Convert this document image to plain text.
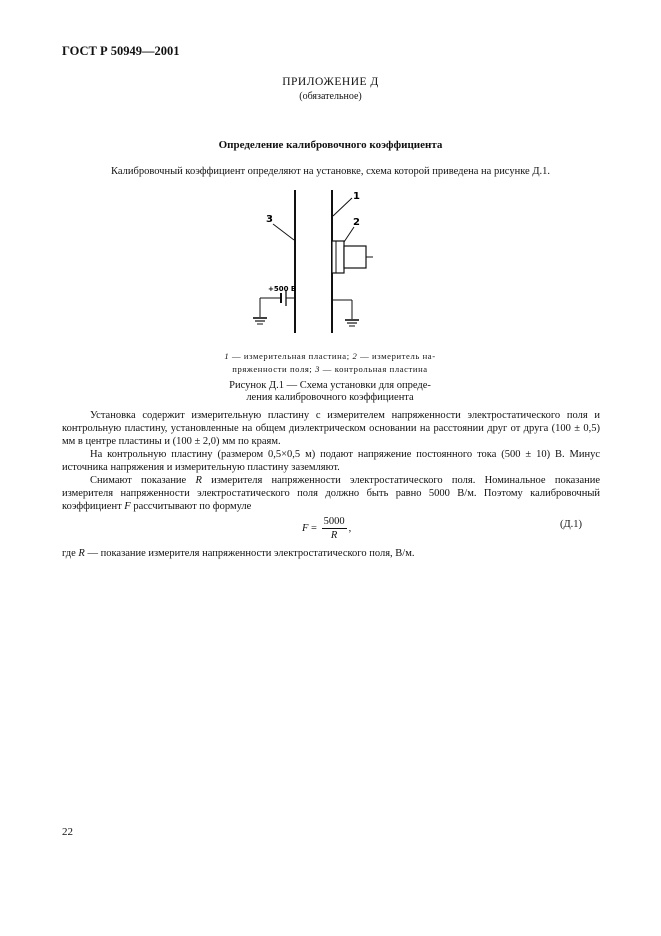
ГОСТ Р 50949—2001
ПРИЛОЖЕНИЕ Д
(обязательное)
Определение калибровочного коэффициента
Калибровочный коэффициент определяют на установке, схема которой приведена на рисунке Д.1.
3
1
2
+500 В
1 — измерительная пластина; 2 — измеритель на-
пряженности поля; 3 — контрольная пластина
Рисунок Д.1 — Схема установки для опреде-
ления калибровочного коэффициента

Установка содержит измерительную пластину с измерителем напряженности электростатического поля и контрольную пластину, установленные на общем диэлектрическом основании на расстоянии друг от друга (100 ± 0,5) мм в центре пластины и (100 ± 2,0) мм по краям.

На контрольную пластину (размером 0,5×0,5 м) подают напряжение постоянного тока (500 ± 10) В. Минус источника напряжения и измерительную пластину заземляют.

Снимают показание R измерителя напряженности электростатического поля. Номинальное показание измерителя напряженности электростатического поля должно быть равно 5000 В/м. Поэтому калибровочный коэффициент F рассчитывают по формуле

$F = \frac{5000}{R}$ ,	(Д.1)
где R — показание измерителя напряженности электростатического поля, В/м.
22
